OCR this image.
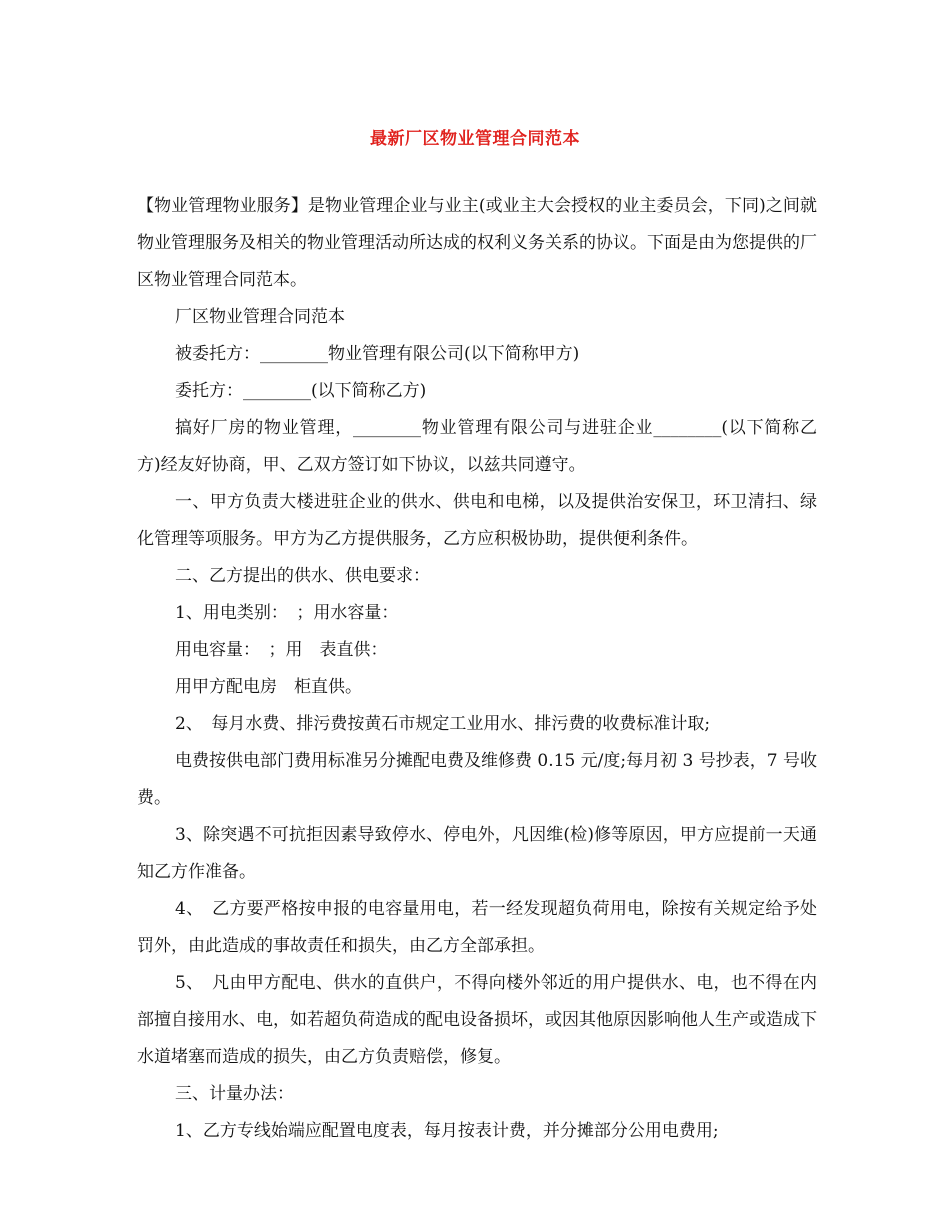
最新厂区物业管理合同范本

【物业管理物业服务】是物业管理企业与业主(或业主大会授权的业主委员会，下同)之间就物业管理服务及相关的物业管理活动所达成的权利义务关系的协议。下面是由为您提供的厂区物业管理合同范本。

厂区物业管理合同范本

被委托方：________物业管理有限公司(以下简称甲方)

委托方：________(以下简称乙方)

搞好厂房的物业管理，________物业管理有限公司与进驻企业________(以下简称乙方)经友好协商，甲、乙双方签订如下协议，以兹共同遵守。

一、甲方负责大楼进驻企业的供水、供电和电梯，以及提供治安保卫，环卫清扫、绿化管理等项服务。甲方为乙方提供服务，乙方应积极协助，提供便利条件。

二、乙方提出的供水、供电要求：

1、用电类别：　；用水容量：

用电容量：　；用　表直供：

用甲方配电房　柜直供。

2、　每月水费、排污费按黄石市规定工业用水、排污费的收费标准计取;

电费按供电部门费用标准另分摊配电费及维修费 0.15 元/度;每月初 3 号抄表，7 号收费。

3、除突遇不可抗拒因素导致停水、停电外，凡因维(检)修等原因，甲方应提前一天通知乙方作准备。

4、　乙方要严格按申报的电容量用电，若一经发现超负荷用电，除按有关规定给予处罚外，由此造成的事故责任和损失，由乙方全部承担。

5、　凡由甲方配电、供水的直供户，不得向楼外邻近的用户提供水、电，也不得在内部擅自接用水、电，如若超负荷造成的配电设备损坏，或因其他原因影响他人生产或造成下水道堵塞而造成的损失，由乙方负责赔偿，修复。

三、计量办法：

1、乙方专线始端应配置电度表，每月按表计费，并分摊部分公用电费用;
